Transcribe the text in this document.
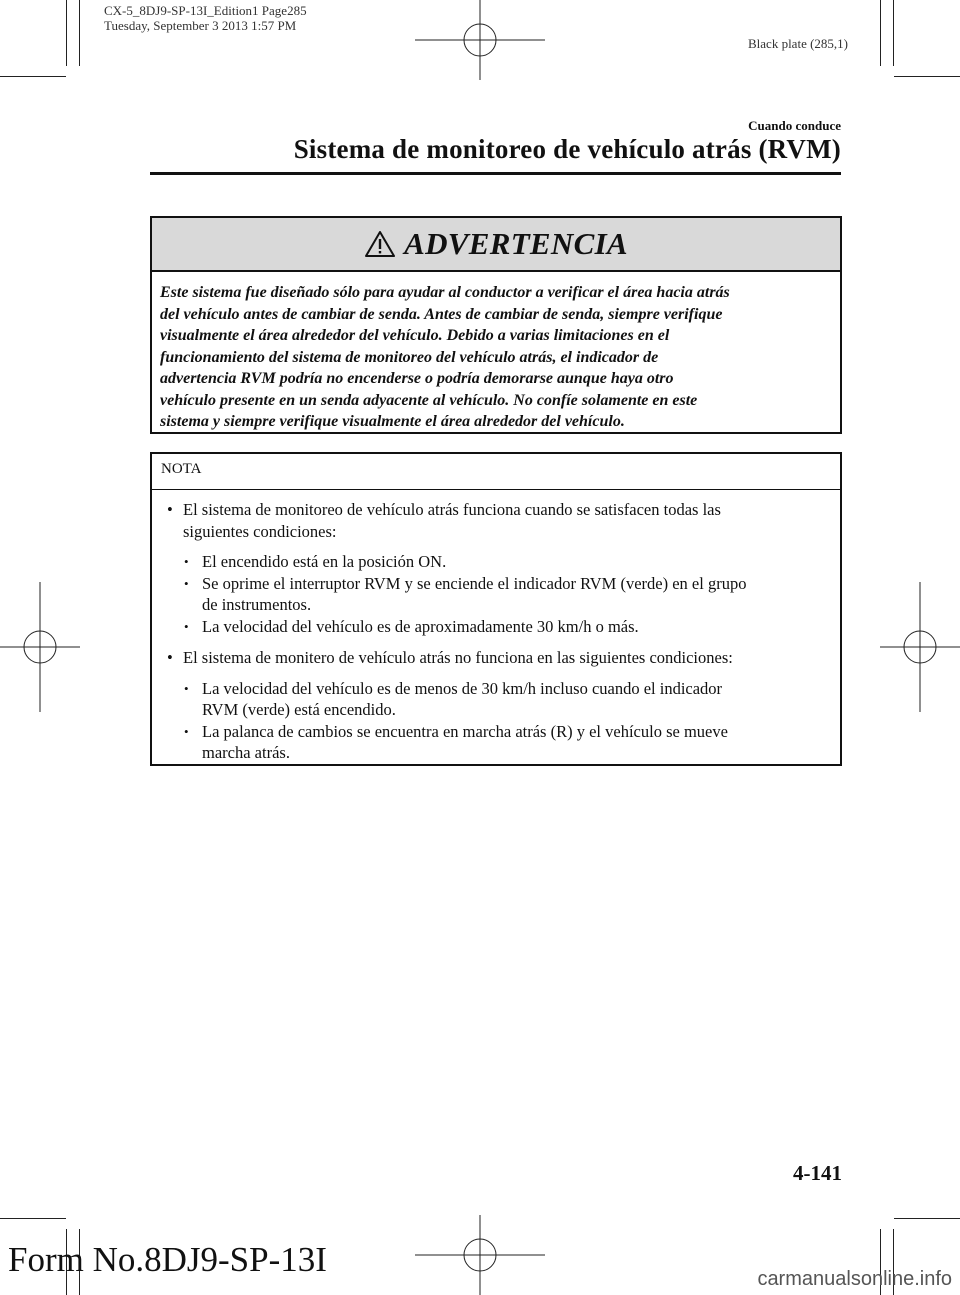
CX-5_8DJ9-SP-13I_Edition1 Page285
Tuesday, September 3 2013 1:57 PM
Black plate (285,1)
Cuando conduce
Sistema de monitoreo de vehículo atrás (RVM)
ADVERTENCIA
Este sistema fue diseñado sólo para ayudar al conductor a verificar el área hacia atrás
del vehículo antes de cambiar de senda. Antes de cambiar de senda, siempre verifique
visualmente el área alrededor del vehículo. Debido a varias limitaciones en el
funcionamiento del sistema de monitoreo del vehículo atrás, el indicador de
advertencia RVM podría no encenderse o podría demorarse aunque haya otro
vehículo presente en un senda adyacente al vehículo. No confíe solamente en este
sistema y siempre verifique visualmente el área alrededor del vehículo.
NOTA
• El sistema de monitoreo de vehículo atrás funciona cuando se satisfacen todas las
siguientes condiciones:
• El encendido está en la posición ON.
• Se oprime el interruptor RVM y se enciende el indicador RVM (verde) en el grupo
de instrumentos.
• La velocidad del vehículo es de aproximadamente 30 km/h o más.
• El sistema de monitero de vehículo atrás no funciona en las siguientes condiciones:
• La velocidad del vehículo es de menos de 30 km/h incluso cuando el indicador
RVM (verde) está encendido.
• La palanca de cambios se encuentra en marcha atrás (R) y el vehículo se mueve
marcha atrás.
4-141
Form No.8DJ9-SP-13I	carmanualsonline.info
